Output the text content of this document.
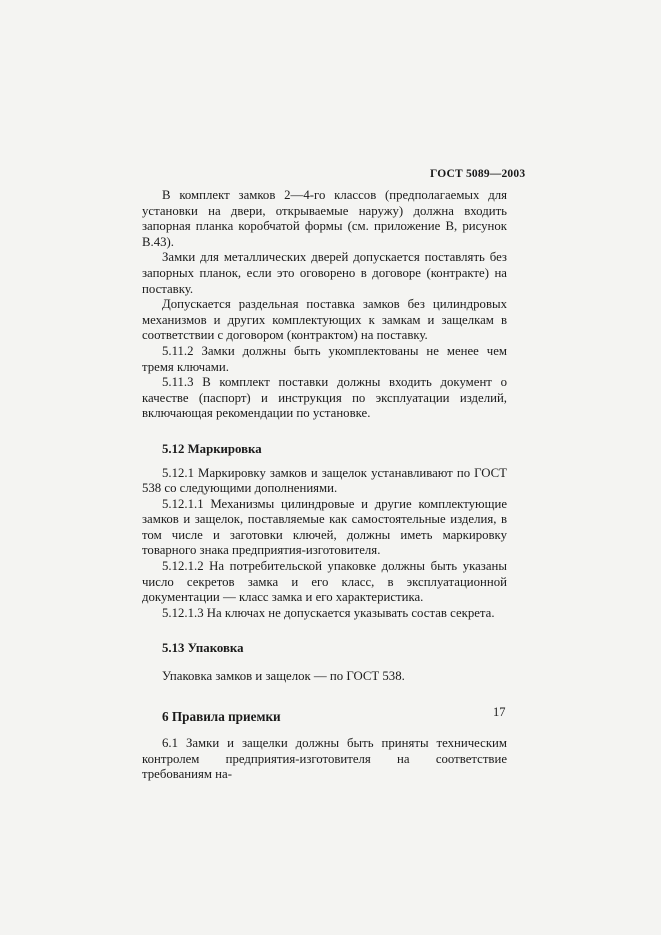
ГОСТ 5089—2003

В комплект замков 2—4-го классов (предполагаемых для установки на двери, открываемые наружу) должна входить запорная планка коробчатой формы (см. приложение В, рисунок В.43).

Замки для металлических дверей допускается поставлять без запорных планок, если это оговорено в договоре (контракте) на поставку.

Допускается раздельная поставка замков без цилиндровых механизмов и других комплектующих к замкам и защелкам в соответствии с договором (контрактом) на поставку.

5.11.2 Замки должны быть укомплектованы не менее чем тремя ключами.

5.11.3 В комплект поставки должны входить документ о качестве (паспорт) и инструкция по эксплуатации изделий, включающая рекомендации по установке.

5.12 Маркировка

5.12.1 Маркировку замков и защелок устанавливают по ГОСТ 538 со следующими дополнениями.

5.12.1.1 Механизмы цилиндровые и другие комплектующие замков и защелок, поставляемые как самостоятельные изделия, в том числе и заготовки ключей, должны иметь маркировку товарного знака предприятия-изготовителя.

5.12.1.2 На потребительской упаковке должны быть указаны число секретов замка и его класс, в эксплуатационной документации — класс замка и его характеристика.

5.12.1.3 На ключах не допускается указывать состав секрета.

5.13 Упаковка

Упаковка замков и защелок — по ГОСТ 538.

6 Правила приемки

6.1 Замки и защелки должны быть приняты техническим контролем предприятия-изготовителя на соответствие требованиям на-

17
